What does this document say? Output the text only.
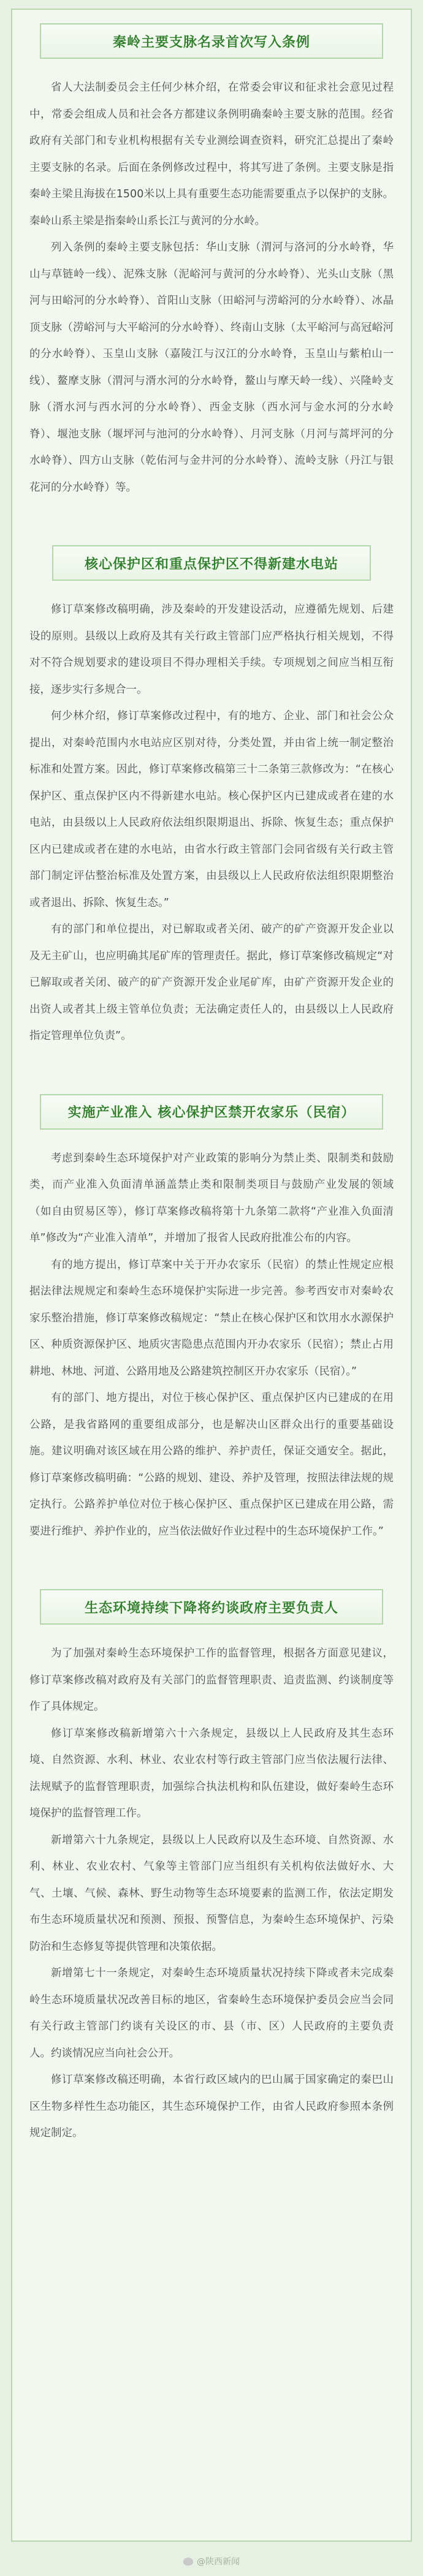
秦岭主要支脉名录首次写入条例

省人大法制委员会主任何少林介绍，在常委会审议和征求社会意见过程中，常委会组成人员和社会各方都建议条例明确秦岭主要支脉的范围。经省政府有关部门和专业机构根据有关专业测绘调查资料，研究汇总提出了秦岭主要支脉的名录。后面在条例修改过程中，将其写进了条例。主要支脉是指秦岭主梁且海拔在1500米以上具有重要生态功能需要重点予以保护的支脉。秦岭山系主梁是指秦岭山系长江与黄河的分水岭。

列入条例的秦岭主要支脉包括：华山支脉（渭河与洛河的分水岭脊，华山与草链岭一线）、泥殊支脉（泥峪河与黄河的分水岭脊）、光头山支脉（黑河与田峪河的分水岭脊）、首阳山支脉（田峪河与涝峪河的分水岭脊）、冰晶顶支脉（涝峪河与大平峪河的分水岭脊）、终南山支脉（太平峪河与高冠峪河的分水岭脊）、玉皇山支脉（嘉陵江与汉江的分水岭脊，玉皇山与紫柏山一线）、鳌摩支脉（渭河与湑水河的分水岭脊，鳌山与摩天岭一线）、兴隆岭支脉（湑水河与西水河的分水岭脊）、西金支脉（西水河与金水河的分水岭脊）、堰池支脉（堰坪河与池河的分水岭脊）、月河支脉（月河与蒿坪河的分水岭脊）、四方山支脉（乾佑河与金井河的分水岭脊）、流岭支脉（丹江与银花河的分水岭脊）等。

核心保护区和重点保护区不得新建水电站

修订草案修改稿明确，涉及秦岭的开发建设活动，应遵循先规划、后建设的原则。县级以上政府及其有关行政主管部门应严格执行相关规划，不得对不符合规划要求的建设项目不得办理相关手续。专项规划之间应当相互衔接，逐步实行多规合一。

何少林介绍，修订草案修改过程中，有的地方、企业、部门和社会公众提出，对秦岭范围内水电站应区别对待，分类处置，并由省上统一制定整治标准和处置方案。因此，修订草案修改稿第三十二条第三款修改为：“在核心保护区、重点保护区内不得新建水电站。核心保护区内已建成或者在建的水电站，由县级以上人民政府依法组织限期退出、拆除、恢复生态；重点保护区内已建成或者在建的水电站，由省水行政主管部门会同省级有关行政主管部门制定评估整治标准及处置方案，由县级以上人民政府依法组织限期整治或者退出、拆除、恢复生态。”

有的部门和单位提出，对已解取或者关闭、破产的矿产资源开发企业以及无主矿山，也应明确其尾矿库的管理责任。据此，修订草案修改稿规定“对已解取或者关闭、破产的矿产资源开发企业尾矿库，由矿产资源开发企业的出资人或者其上级主管单位负责；无法确定责任人的，由县级以上人民政府指定管理单位负责”。

实施产业准入 核心保护区禁开农家乐（民宿）

考虑到秦岭生态环境保护对产业政策的影响分为禁止类、限制类和鼓励类，而产业准入负面清单涵盖禁止类和限制类项目与鼓励产业发展的领域（如自由贸易区等），修订草案修改稿将第十九条第二款将“产业准入负面清单”修改为“产业准入清单”，并增加了报省人民政府批准公布的内容。

有的地方提出，修订草案中关于开办农家乐（民宿）的禁止性规定应根据法律法规规定和秦岭生态环境保护实际进一步完善。参考西安市对秦岭农家乐整治措施，修订草案修改稿规定：“禁止在核心保护区和饮用水水源保护区、种质资源保护区、地质灾害隐患点范围内开办农家乐（民宿）；禁止占用耕地、林地、河道、公路用地及公路建筑控制区开办农家乐（民宿）。”

有的部门、地方提出，对位于核心保护区、重点保护区内已建成的在用公路，是我省路网的重要组成部分，也是解决山区群众出行的重要基础设施。建议明确对该区域在用公路的维护、养护责任，保证交通安全。据此，修订草案修改稿明确：“公路的规划、建设、养护及管理，按照法律法规的规定执行。公路养护单位对位于核心保护区、重点保护区已建成在用公路，需要进行维护、养护作业的，应当依法做好作业过程中的生态环境保护工作。”

生态环境持续下降将约谈政府主要负责人

为了加强对秦岭生态环境保护工作的监督管理，根据各方面意见建议，修订草案修改稿对政府及有关部门的监督管理职责、追责监测、约谈制度等作了具体规定。

修订草案修改稿新增第六十六条规定，县级以上人民政府及其生态环境、自然资源、水利、林业、农业农村等行政主管部门应当依法履行法律、法规赋予的监督管理职责，加强综合执法机构和队伍建设，做好秦岭生态环境保护的监督管理工作。

新增第六十九条规定，县级以上人民政府以及生态环境、自然资源、水利、林业、农业农村、气象等主管部门应当组织有关机构依法做好水、大气、土壤、气候、森林、野生动物等生态环境要素的监测工作，依法定期发布生态环境质量状况和预测、预报、预警信息，为秦岭生态环境保护、污染防治和生态修复等提供管理和决策依据。

新增第七十一条规定，对秦岭生态环境质量状况持续下降或者未完成秦岭生态环境质量状况改善目标的地区，省秦岭生态环境保护委员会应当会同有关行政主管部门约谈有关设区的市、县（市、区）人民政府的主要负责人。约谈情况应当向社会公开。

修订草案修改稿还明确，本省行政区域内的巴山属于国家确定的秦巴山区生物多样性生态功能区，其生态环境保护工作，由省人民政府参照本条例规定制定。

@陕西新闻
